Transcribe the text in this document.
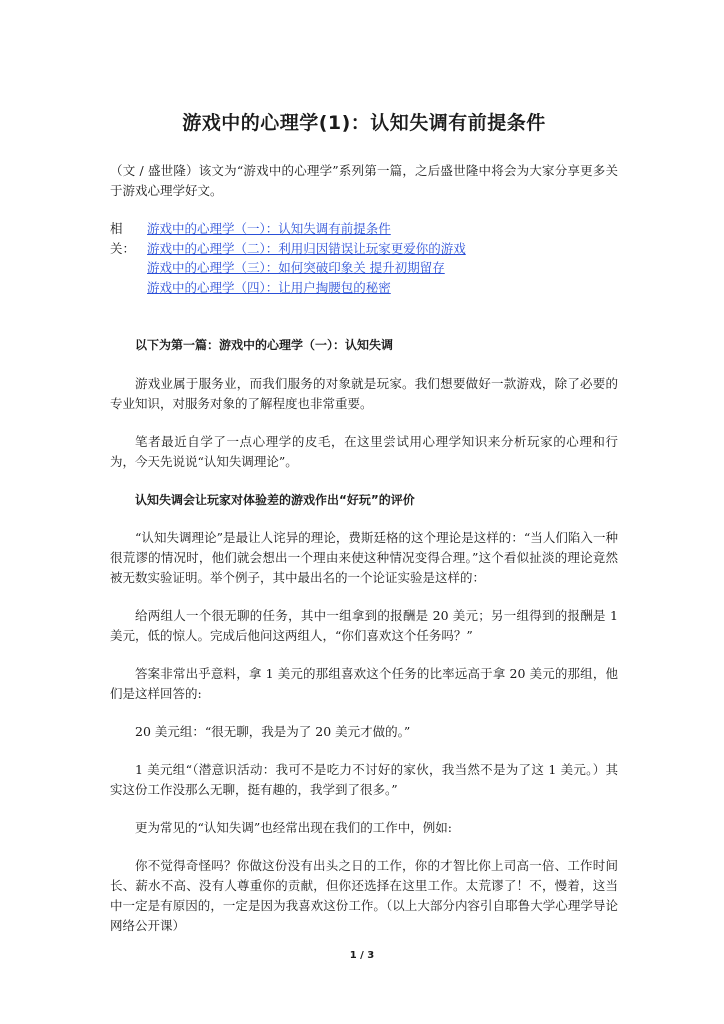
游戏中的心理学(1)：认知失调有前提条件

（文 / 盛世隆）该文为“游戏中的心理学”系列第一篇，之后盛世隆中将会为大家分享更多关于游戏心理学好文。

相关：
游戏中的心理学（一）：认知失调有前提条件
游戏中的心理学（二）：利用归因错误让玩家更爱你的游戏
游戏中的心理学（三）：如何突破印象关 提升初期留存
游戏中的心理学（四）：让用户掏腰包的秘密

以下为第一篇：游戏中的心理学（一）：认知失调

游戏业属于服务业，而我们服务的对象就是玩家。我们想要做好一款游戏，除了必要的专业知识，对服务对象的了解程度也非常重要。

笔者最近自学了一点心理学的皮毛，在这里尝试用心理学知识来分析玩家的心理和行为，今天先说说“认知失调理论”。

认知失调会让玩家对体验差的游戏作出“好玩”的评价

“认知失调理论”是最让人诧异的理论，费斯廷格的这个理论是这样的：“当人们陷入一种很荒谬的情况时，他们就会想出一个理由来使这种情况变得合理。”这个看似扯淡的理论竟然被无数实验证明。举个例子，其中最出名的一个论证实验是这样的：

给两组人一个很无聊的任务，其中一组拿到的报酬是 20 美元；另一组得到的报酬是 1 美元，低的惊人。完成后他问这两组人，“你们喜欢这个任务吗？”

答案非常出乎意料，拿 1 美元的那组喜欢这个任务的比率远高于拿 20 美元的那组，他们是这样回答的:

20 美元组：“很无聊，我是为了 20 美元才做的。”

1 美元组“（潜意识活动：我可不是吃力不讨好的家伙，我当然不是为了这 1 美元。）其实这份工作没那么无聊，挺有趣的，我学到了很多。”

更为常见的“认知失调”也经常出现在我们的工作中，例如:

你不觉得奇怪吗？你做这份没有出头之日的工作，你的才智比你上司高一倍、工作时间长、薪水不高、没有人尊重你的贡献，但你还选择在这里工作。太荒谬了！不，慢着，这当中一定是有原因的，一定是因为我喜欢这份工作。（以上大部分内容引自耶鲁大学心理学导论网络公开课）

1 / 3
